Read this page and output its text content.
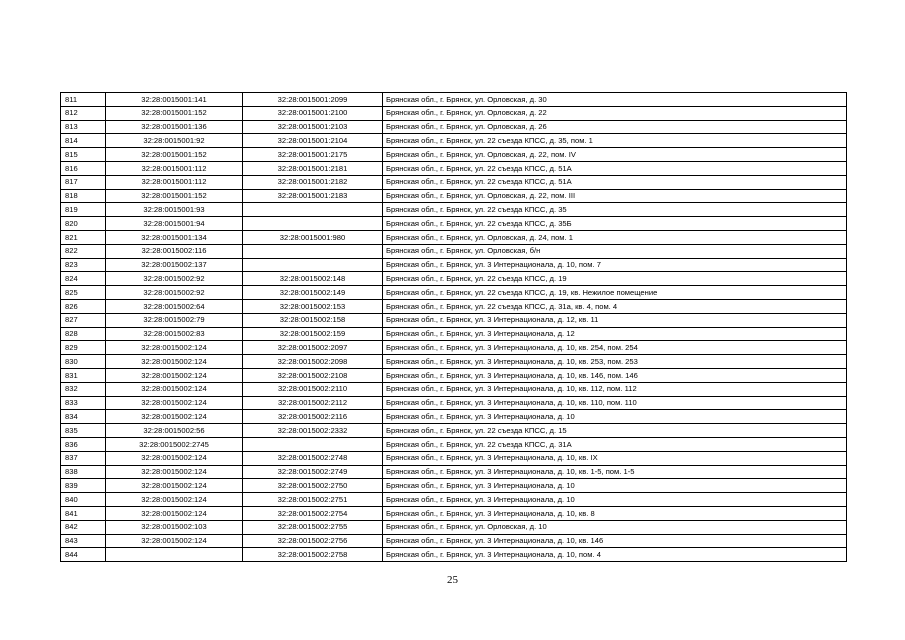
811	32:28:0015001:141	32:28:0015001:2099	Брянская обл., г. Брянск, ул. Орловская, д. 30
812	32:28:0015001:152	32:28:0015001:2100	Брянская обл., г. Брянск, ул. Орловская, д. 22
813	32:28:0015001:136	32:28:0015001:2103	Брянская обл., г. Брянск, ул. Орловская, д. 26
814	32:28:0015001:92	32:28:0015001:2104	Брянская обл., г. Брянск, ул. 22 съезда КПСС, д. 35, пом. 1
815	32:28:0015001:152	32:28:0015001:2175	Брянская обл., г. Брянск, ул. Орловская, д. 22, пом. IV
816	32:28:0015001:112	32:28:0015001:2181	Брянская обл., г. Брянск, ул. 22 съезда КПСС, д. 51А
817	32:28:0015001:112	32:28:0015001:2182	Брянская обл., г. Брянск, ул. 22 съезда КПСС, д. 51А
818	32:28:0015001:152	32:28:0015001:2183	Брянская обл., г. Брянск, ул. Орловская, д. 22, пом. III
819	32:28:0015001:93		Брянская обл., г. Брянск, ул. 22 съезда КПСС, д. 35
820	32:28:0015001:94		Брянская обл., г. Брянск, ул. 22 съезда КПСС, д. 35Б
821	32:28:0015001:134	32:28:0015001:980	Брянская обл., г. Брянск, ул. Орловская, д. 24, пом. 1
822	32:28:0015002:116		Брянская обл., г. Брянск, ул. Орловская, б/н
823	32:28:0015002:137		Брянская обл., г. Брянск, ул. 3 Интернационала, д. 10, пом. 7
824	32:28:0015002:92	32:28:0015002:148	Брянская обл., г. Брянск, ул. 22 съезда КПСС, д. 19
825	32:28:0015002:92	32:28:0015002:149	Брянская обл., г. Брянск, ул. 22 съезда КПСС, д. 19, кв. Нежилое помещение
826	32:28:0015002:64	32:28:0015002:153	Брянская обл., г. Брянск, ул. 22 съезда КПСС, д. 31а, кв. 4, пом. 4
827	32:28:0015002:79	32:28:0015002:158	Брянская обл., г. Брянск, ул. 3 Интернационала, д. 12, кв. 11
828	32:28:0015002:83	32:28:0015002:159	Брянская обл., г. Брянск, ул. 3 Интернационала, д. 12
829	32:28:0015002:124	32:28:0015002:2097	Брянская обл., г. Брянск, ул. 3 Интернационала, д. 10, кв. 254, пом. 254
830	32:28:0015002:124	32:28:0015002:2098	Брянская обл., г. Брянск, ул. 3 Интернационала, д. 10, кв. 253, пом. 253
831	32:28:0015002:124	32:28:0015002:2108	Брянская обл., г. Брянск, ул. 3 Интернационала, д. 10, кв. 146, пом. 146
832	32:28:0015002:124	32:28:0015002:2110	Брянская обл., г. Брянск, ул. 3 Интернационала, д. 10, кв. 112, пом. 112
833	32:28:0015002:124	32:28:0015002:2112	Брянская обл., г. Брянск, ул. 3 Интернационала, д. 10, кв. 110, пом. 110
834	32:28:0015002:124	32:28:0015002:2116	Брянская обл., г. Брянск, ул. 3 Интернационала, д. 10
835	32:28:0015002:56	32:28:0015002:2332	Брянская обл., г. Брянск, ул. 22 съезда КПСС, д. 15
836	32:28:0015002:2745		Брянская обл., г. Брянск, ул. 22 съезда КПСС, д. 31А
837	32:28:0015002:124	32:28:0015002:2748	Брянская обл., г. Брянск, ул. 3 Интернационала, д. 10, кв. IX
838	32:28:0015002:124	32:28:0015002:2749	Брянская обл., г. Брянск, ул. 3 Интернационала, д. 10, кв. 1-5, пом. 1-5
839	32:28:0015002:124	32:28:0015002:2750	Брянская обл., г. Брянск, ул. 3 Интернационала, д. 10
840	32:28:0015002:124	32:28:0015002:2751	Брянская обл., г. Брянск, ул. 3 Интернационала, д. 10
841	32:28:0015002:124	32:28:0015002:2754	Брянская обл., г. Брянск, ул. 3 Интернационала, д. 10, кв. 8
842	32:28:0015002:103	32:28:0015002:2755	Брянская обл., г. Брянск, ул. Орловская, д. 10
843	32:28:0015002:124	32:28:0015002:2756	Брянская обл., г. Брянск, ул. 3 Интернационала, д. 10, кв. 146
844		32:28:0015002:2758	Брянская обл., г. Брянск, ул. 3 Интернационала, д. 10, пом. 4
25
